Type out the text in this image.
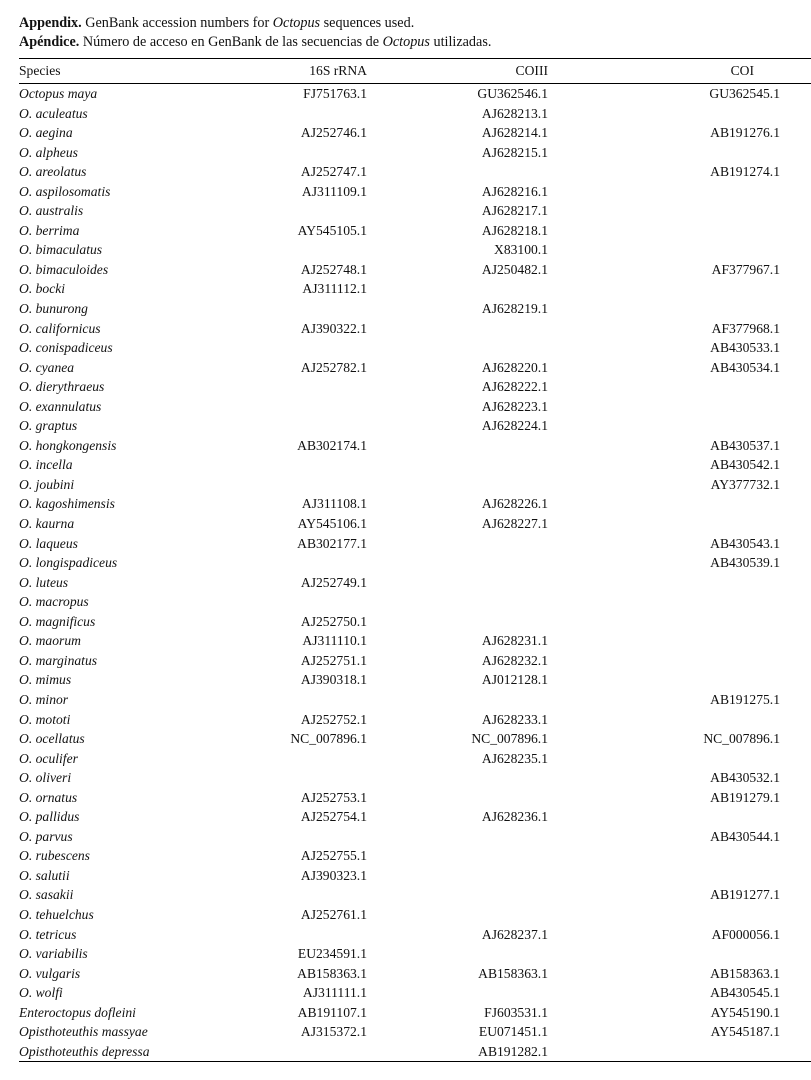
Appendix. GenBank accession numbers for Octopus sequences used.
Apéndice. Número de acceso en GenBank de las secuencias de Octopus utilizadas.
Species	16S rRNA	COIII	COI
Octopus maya	FJ751763.1	GU362546.1	GU362545.1
O. aculeatus		AJ628213.1	
O. aegina	AJ252746.1	AJ628214.1	AB191276.1
O. alpheus		AJ628215.1	
O. areolatus	AJ252747.1		AB191274.1
O. aspilosomatis	AJ311109.1	AJ628216.1	
O. australis		AJ628217.1	
O. berrima	AY545105.1	AJ628218.1	
O. bimaculatus		X83100.1	
O. bimaculoides	AJ252748.1	AJ250482.1	AF377967.1
O. bocki	AJ311112.1		
O. bunurong		AJ628219.1	
O. californicus	AJ390322.1		AF377968.1
O. conispadiceus			AB430533.1
O. cyanea	AJ252782.1	AJ628220.1	AB430534.1
O. dierythraeus		AJ628222.1	
O. exannulatus		AJ628223.1	
O. graptus		AJ628224.1	
O. hongkongensis	AB302174.1		AB430537.1
O. incella			AB430542.1
O. joubini			AY377732.1
O. kagoshimensis	AJ311108.1	AJ628226.1	
O. kaurna	AY545106.1	AJ628227.1	
O. laqueus	AB302177.1		AB430543.1
O. longispadiceus			AB430539.1
O. luteus	AJ252749.1		
O. macropus			
O. magnificus	AJ252750.1		
O. maorum	AJ311110.1	AJ628231.1	
O. marginatus	AJ252751.1	AJ628232.1	
O. mimus	AJ390318.1	AJ012128.1	
O. minor			AB191275.1
O. mototi	AJ252752.1	AJ628233.1	
O. ocellatus	NC_007896.1	NC_007896.1	NC_007896.1
O. oculifer		AJ628235.1	
O. oliveri			AB430532.1
O. ornatus	AJ252753.1		AB191279.1
O. pallidus	AJ252754.1	AJ628236.1	
O. parvus			AB430544.1
O. rubescens	AJ252755.1		
O. salutii	AJ390323.1		
O. sasakii			AB191277.1
O. tehuelchus	AJ252761.1		
O. tetricus		AJ628237.1	AF000056.1
O. variabilis	EU234591.1		
O. vulgaris	AB158363.1	AB158363.1	AB158363.1
O. wolfi	AJ311111.1		AB430545.1
Enteroctopus dofleini	AB191107.1	FJ603531.1	AY545190.1
Opisthoteuthis massyae	AJ315372.1	EU071451.1	AY545187.1
Opisthoteuthis depressa		AB191282.1	
